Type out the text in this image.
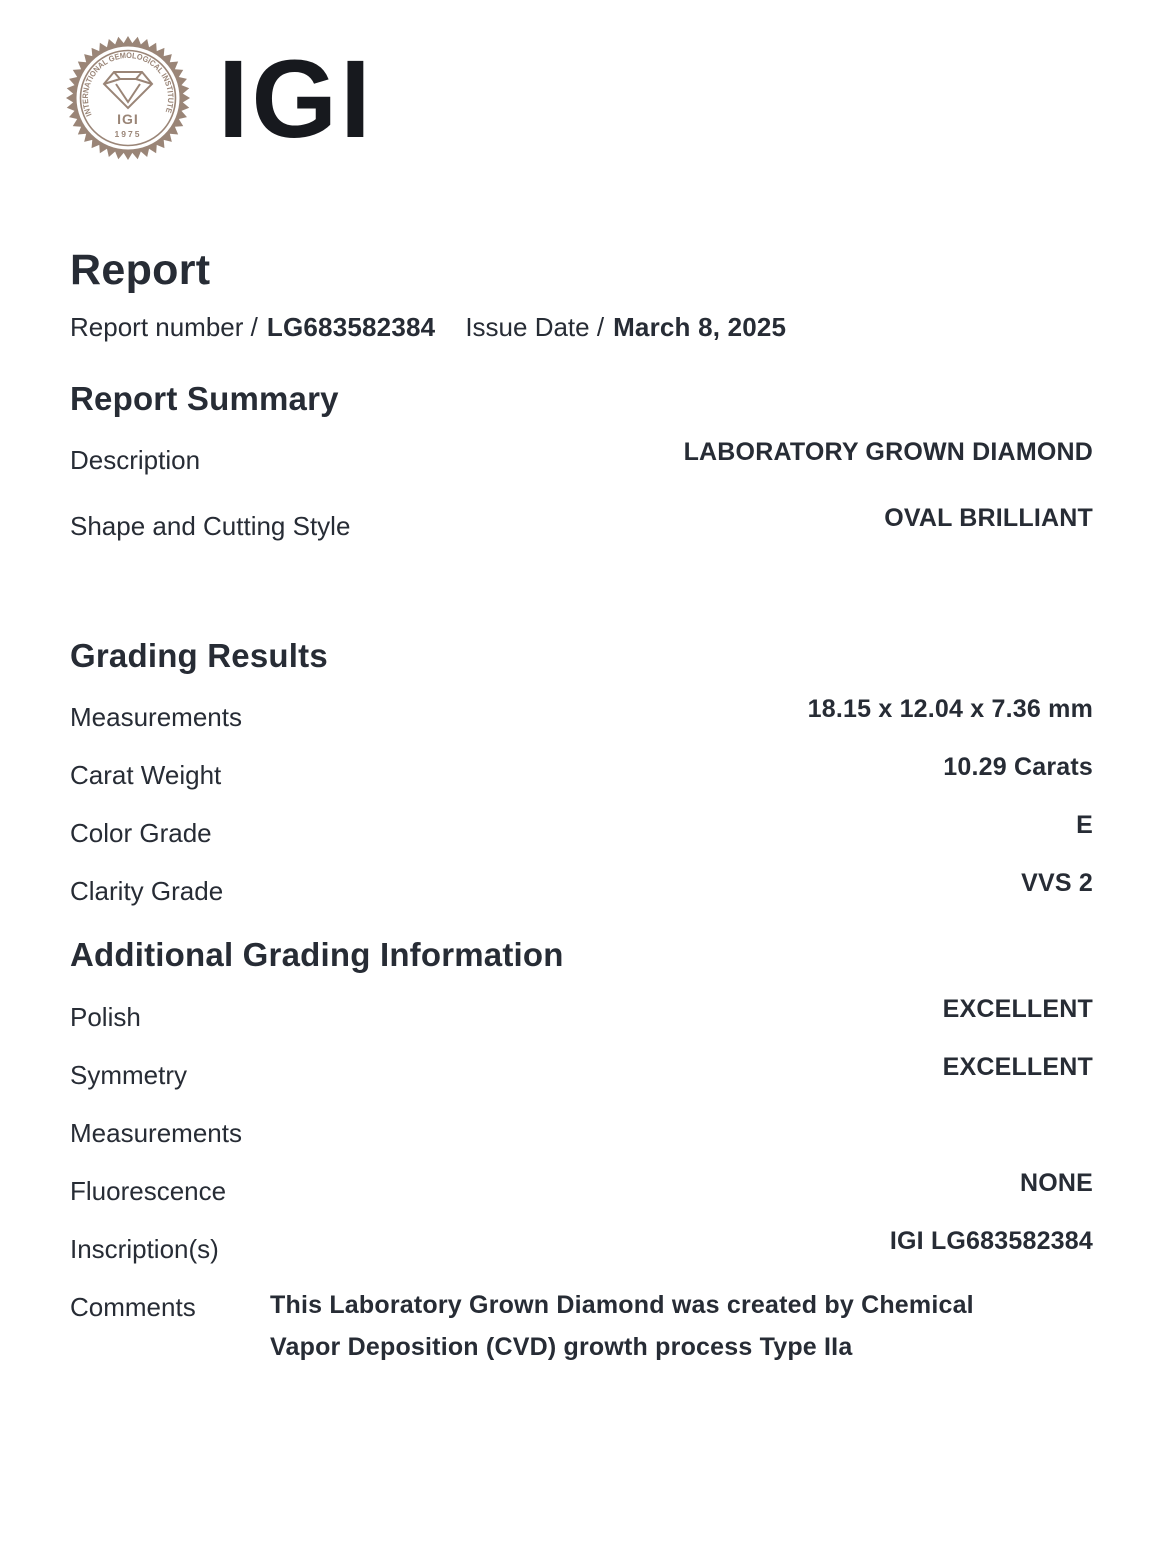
INTERNATIONAL GEMOLOGICAL INSTITUTE
IGI
1975 IGI
Report
Report number / LG683582384 Issue Date / March 8, 2025
Report Summary
Description	LABORATORY GROWN DIAMOND
Shape and Cutting Style	OVAL BRILLIANT
Grading Results
Measurements	18.15 x 12.04 x 7.36 mm
Carat Weight	10.29 Carats
Color Grade	E
Clarity Grade	VVS 2
Additional Grading Information
Polish	EXCELLENT
Symmetry	EXCELLENT
Measurements
Fluorescence	NONE
Inscription(s)	IGI LG683582384
Comments	This Laboratory Grown Diamond was created by Chemical Vapor Deposition (CVD) growth process Type IIa
